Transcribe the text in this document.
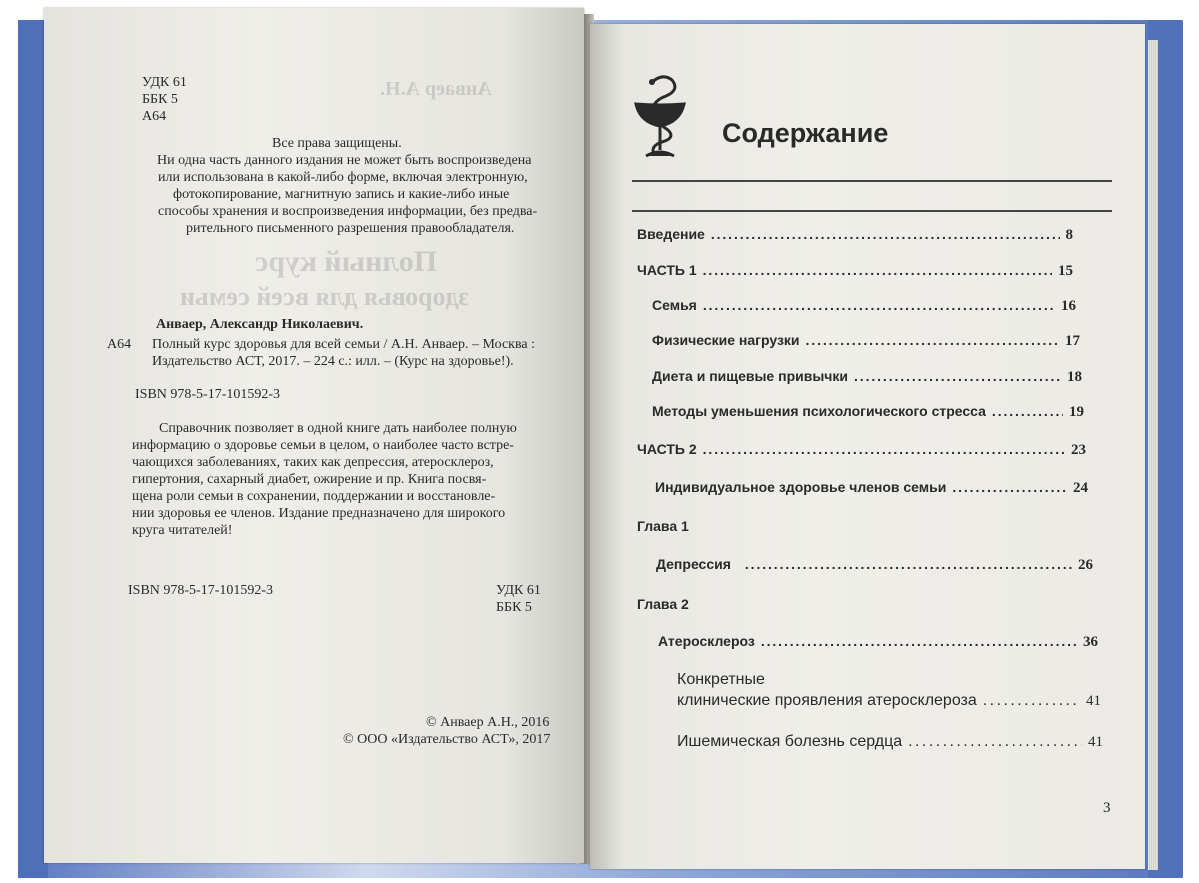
Анваер А.Н.
Полный курс
здоровья для всей семьи
УДК 61
ББК 5
А64
Все права защищены.
Ни одна часть данного издания не может быть воспроизведена
или использована в какой-либо форме, включая электронную,
фотокопирование, магнитную запись и какие-либо иные
способы хранения и воспроизведения информации, без предва-
рительного письменного разрешения правообладателя.
Анваер, Александр Николаевич.
А64 Полный курс здоровья для всей семьи / А.Н. Анваер. – Москва :
Издательство АСТ, 2017. – 224 с.: илл. – (Курс на здоровье!).
ISBN 978-5-17-101592-3
Справочник позволяет в одной книге дать наиболее полную
информацию о здоровье семьи в целом, о наиболее часто встре-
чающихся заболеваниях, таких как депрессия, атеросклероз,
гипертония, сахарный диабет, ожирение и пр. Книга посвя-
щена роли семьи в сохранении, поддержании и восстановле-
нии здоровья ее членов. Издание предназначено для широкого
круга читателей!
ISBN 978-5-17-101592-3	УДК 61
ББК 5
© Анваер А.Н., 2016
© ООО «Издательство АСТ», 2017
Содержание
Введение . . .	8
ЧАСТЬ 1 . . .	15
Семья . . .	16
Физические нагрузки . . .	17
Диета и пищевые привычки . . .	18
Методы уменьшения психологического стресса . . .	19
ЧАСТЬ 2 . . .	23
Индивидуальное здоровье членов семьи . . .	24
Глава 1
Депрессия . . .	26
Глава 2
Атеросклероз . . .	36
Конкретные
клинические проявления атеросклероза . . .	41
Ишемическая болезнь сердца . . .	41
3
